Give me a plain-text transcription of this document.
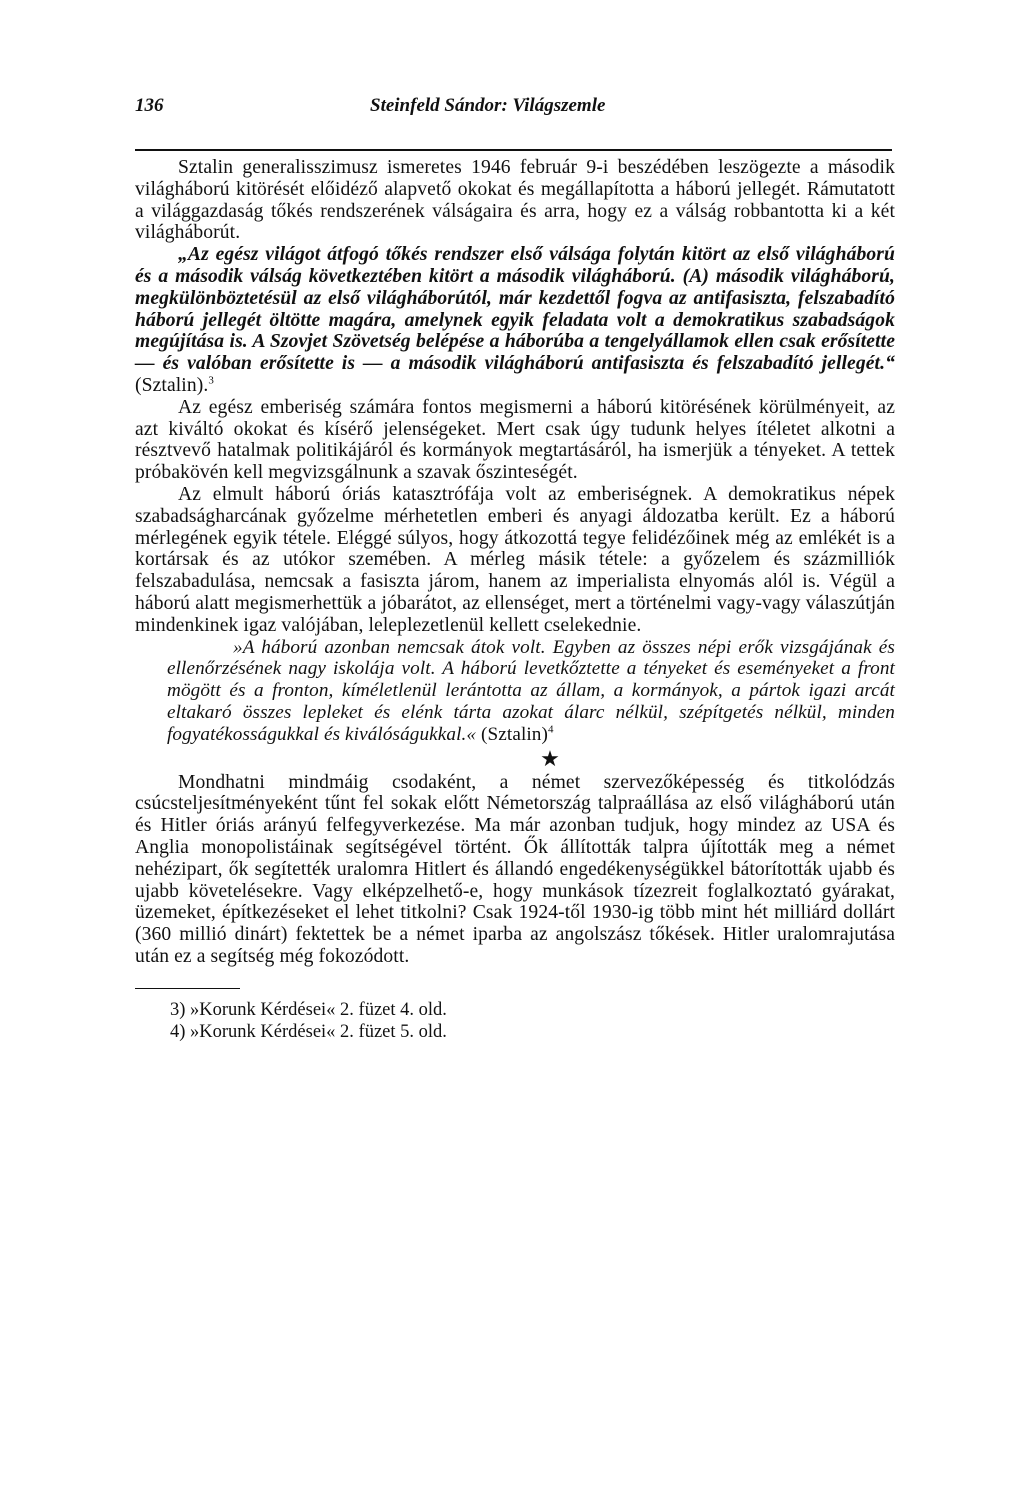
136	Steinfeld Sándor: Világszemle

Sztalin generalisszimusz ismeretes 1946 február 9-i beszédében leszögezte a második világháború kitörését előidéző alapvető okokat és megállapította a háború jellegét. Rámutatott a világgazdaság tőkés rendszerének válságaira és arra, hogy ez a válság robbantotta ki a két világháborút.

„Az egész világot átfogó tőkés rendszer első válsága folytán kitört az első világháború és a második válság következtében kitört a második világháború. (A) második világháború, megkülönböztetésül az első világháborútól, már kezdettől fogva az antifasiszta, felszabadító háború jellegét öltötte magára, amelynek egyik feladata volt a demokratikus szabadságok megújítása is. A Szovjet Szövetség belépése a háborúba a tengelyállamok ellen csak erősítette — és valóban erősítette is — a második világháború antifasiszta és felszabadító jellegét.“ (Sztalin).$^3$

Az egész emberiség számára fontos megismerni a háború kitörésének körülményeit, az azt kiváltó okokat és kísérő jelenségeket. Mert csak úgy tudunk helyes ítéletet alkotni a résztvevő hatalmak politikájáról és kormányok megtartásáról, ha ismerjük a tényeket. A tettek próbakövén kell megvizsgálnunk a szavak őszinteségét.

Az elmult háború óriás katasztrófája volt az emberiségnek. A demokratikus népek szabadságharcának győzelme mérhetetlen emberi és anyagi áldozatba került. Ez a háború mérlegének egyik tétele. Eléggé súlyos, hogy átkozottá tegye felidézőinek még az emlékét is a kortársak és az utókor szemében. A mérleg másik tétele: a győzelem és százmilliók felszabadulása, nemcsak a fasiszta járom, hanem az imperialista elnyomás alól is. Végül a háború alatt megismerhettük a jóbarátot, az ellenséget, mert a történelmi vagy-vagy válaszútján mindenkinek igaz valójában, leleplezetlenül kellett cselekednie.

»A háború azonban nemcsak átok volt. Egyben az összes népi erők vizsgájának és ellenőrzésének nagy iskolája volt. A háború levetkőztette a tényeket és eseményeket a front mögött és a fronton, kíméletlenül lerántotta az állam, a kormányok, a pártok igazi arcát eltakaró összes lepleket és elénk tárta azokat álarc nélkül, szépítgetés nélkül, minden fogyatékosságukkal és kiválóságukkal.« (Sztalin)$^4$

★

Mondhatni mindmáig csodaként, a német szervezőképesség és titkolódzás csúcsteljesítményeként tűnt fel sokak előtt Németország talpraállása az első világháború után és Hitler óriás arányú felfegyverkezése. Ma már azonban tudjuk, hogy mindez az USA és Anglia monopolistáinak segítségével történt. Ők állították talpra újították meg a német nehézipart, ők segítették uralomra Hitlert és állandó engedékenységükkel bátorították ujabb és ujabb követelésekre. Vagy elképzelhető-e, hogy munkások tízezreit foglalkoztató gyárakat, üzemeket, építkezéseket el lehet titkolni? Csak 1924-től 1930-ig több mint hét milliárd dollárt (360 millió dinárt) fektettek be a német iparba az angolszász tőkések. Hitler uralomrajutása után ez a segítség még fokozódott.

3) »Korunk Kérdései« 2. füzet 4. old.
4) »Korunk Kérdései« 2. füzet 5. old.
